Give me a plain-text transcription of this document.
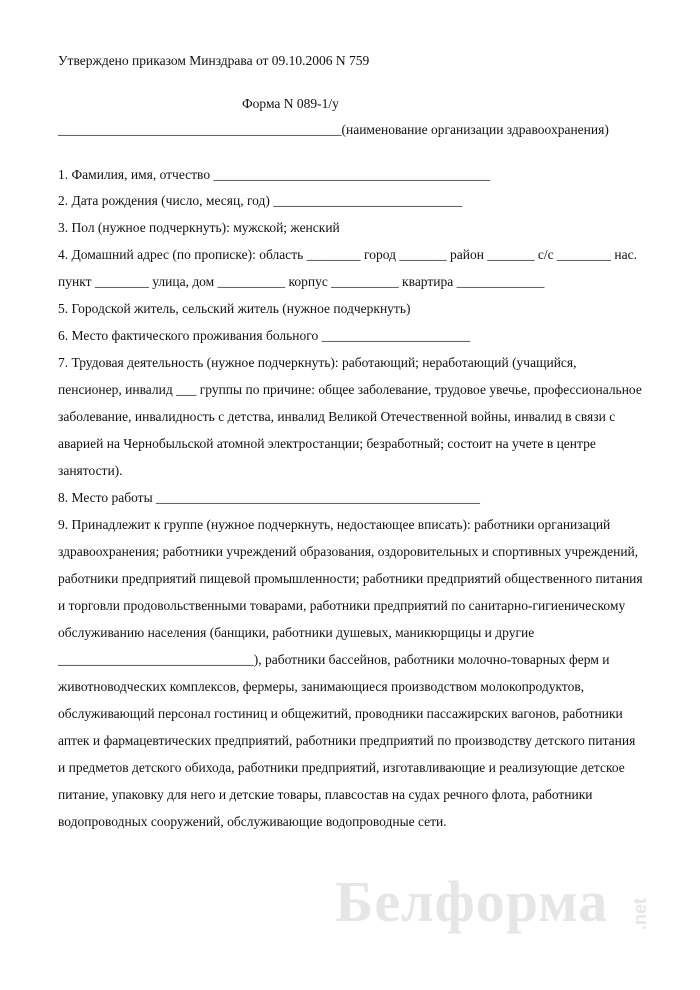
Утверждено приказом Минздрава от 09.10.2006 N 759
Форма N 089-1/у
__________________________________________(наименование организации здравоохранения)
1. Фамилия, имя, отчество _________________________________________
2. Дата рождения (число, месяц, год) ____________________________
3. Пол (нужное подчеркнуть): мужской; женский
4. Домашний адрес (по прописке): область ________ город _______ район _______ с/с ________ нас.
пункт ________ улица, дом __________ корпус __________ квартира _____________
5. Городской житель, сельский житель (нужное подчеркнуть)
6. Место фактического проживания больного ______________________
7. Трудовая деятельность (нужное подчеркнуть): работающий; неработающий (учащийся,
пенсионер, инвалид ___ группы по причине: общее заболевание, трудовое увечье, профессиональное
заболевание, инвалидность с детства, инвалид Великой Отечественной войны, инвалид в связи с
аварией на Чернобыльской атомной электростанции; безработный; состоит на учете в центре
занятости).
8. Место работы ________________________________________________
9. Принадлежит к группе (нужное подчеркнуть, недостающее вписать): работники организаций
здравоохранения; работники учреждений образования, оздоровительных и спортивных учреждений,
работники предприятий пищевой промышленности; работники предприятий общественного питания
и торговли продовольственными товарами, работники предприятий по санитарно-гигиеническому
обслуживанию населения (банщики, работники душевых, маникюрщицы и другие
_____________________________), работники бассейнов, работники молочно-товарных ферм и
животноводческих комплексов, фермеры, занимающиеся производством молокопродуктов,
обслуживающий персонал гостиниц и общежитий, проводники пассажирских вагонов, работники
аптек и фармацевтических предприятий, работники предприятий по производству детского питания
и предметов детского обихода, работники предприятий, изготавливающие и реализующие детское
питание, упаковку для него и детские товары, плавсостав на судах речного флота, работники
водопроводных сооружений, обслуживающие водопроводные сети.
Белформа .net
